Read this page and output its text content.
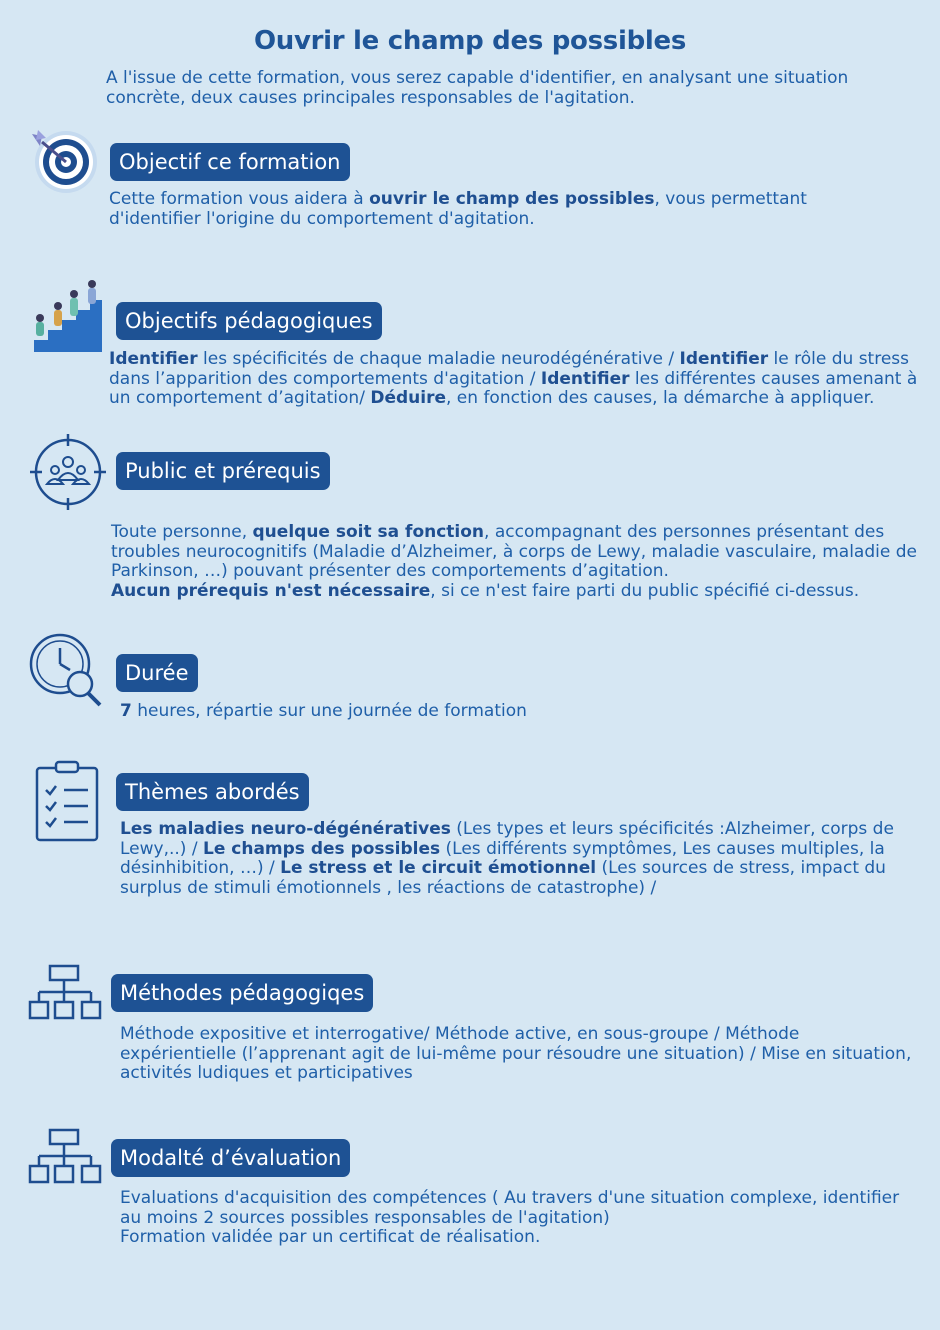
Ouvrir le champ des possibles
A l'issue de cette formation, vous serez capable d'identifier, en analysant une situation concrète, deux causes principales responsables de l'agitation.
Objectif ce formation
Cette formation vous aidera à ouvrir le champ des possibles, vous permettant d'identifier l'origine du comportement d'agitation.
Objectifs pédagogiques
Identifier les spécificités de chaque maladie neurodégénérative / Identifier le rôle du stress dans l’apparition des comportements d'agitation / Identifier les différentes causes amenant à un comportement d’agitation/ Déduire, en fonction des causes, la démarche à appliquer.
Public et prérequis
Toute personne, quelque soit sa fonction, accompagnant des personnes présentant des troubles neurocognitifs (Maladie d’Alzheimer, à corps de Lewy, maladie vasculaire, maladie de Parkinson, …) pouvant présenter des comportements d’agitation.
Aucun prérequis n'est nécessaire, si ce n'est faire parti du public spécifié ci-dessus.
Durée
7 heures, répartie sur une journée de formation
Thèmes abordés
Les maladies neuro-dégénératives (Les types et leurs spécificités :Alzheimer, corps de Lewy,..) / Le champs des possibles (Les différents symptômes, Les causes multiples, la désinhibition, …) / Le stress et le circuit émotionnel (Les sources de stress, impact du surplus de stimuli émotionnels , les réactions de catastrophe) /
Méthodes pédagogiqes
Méthode expositive et interrogative/ Méthode active, en sous-groupe / Méthode expérientielle (l’apprenant agit de lui-même pour résoudre une situation) / Mise en situation, activités ludiques et participatives
Modalté d’évaluation
Evaluations d'acquisition des compétences ( Au travers d'une situation complexe, identifier au moins 2 sources possibles responsables de l'agitation)
Formation validée par un certificat de réalisation.
